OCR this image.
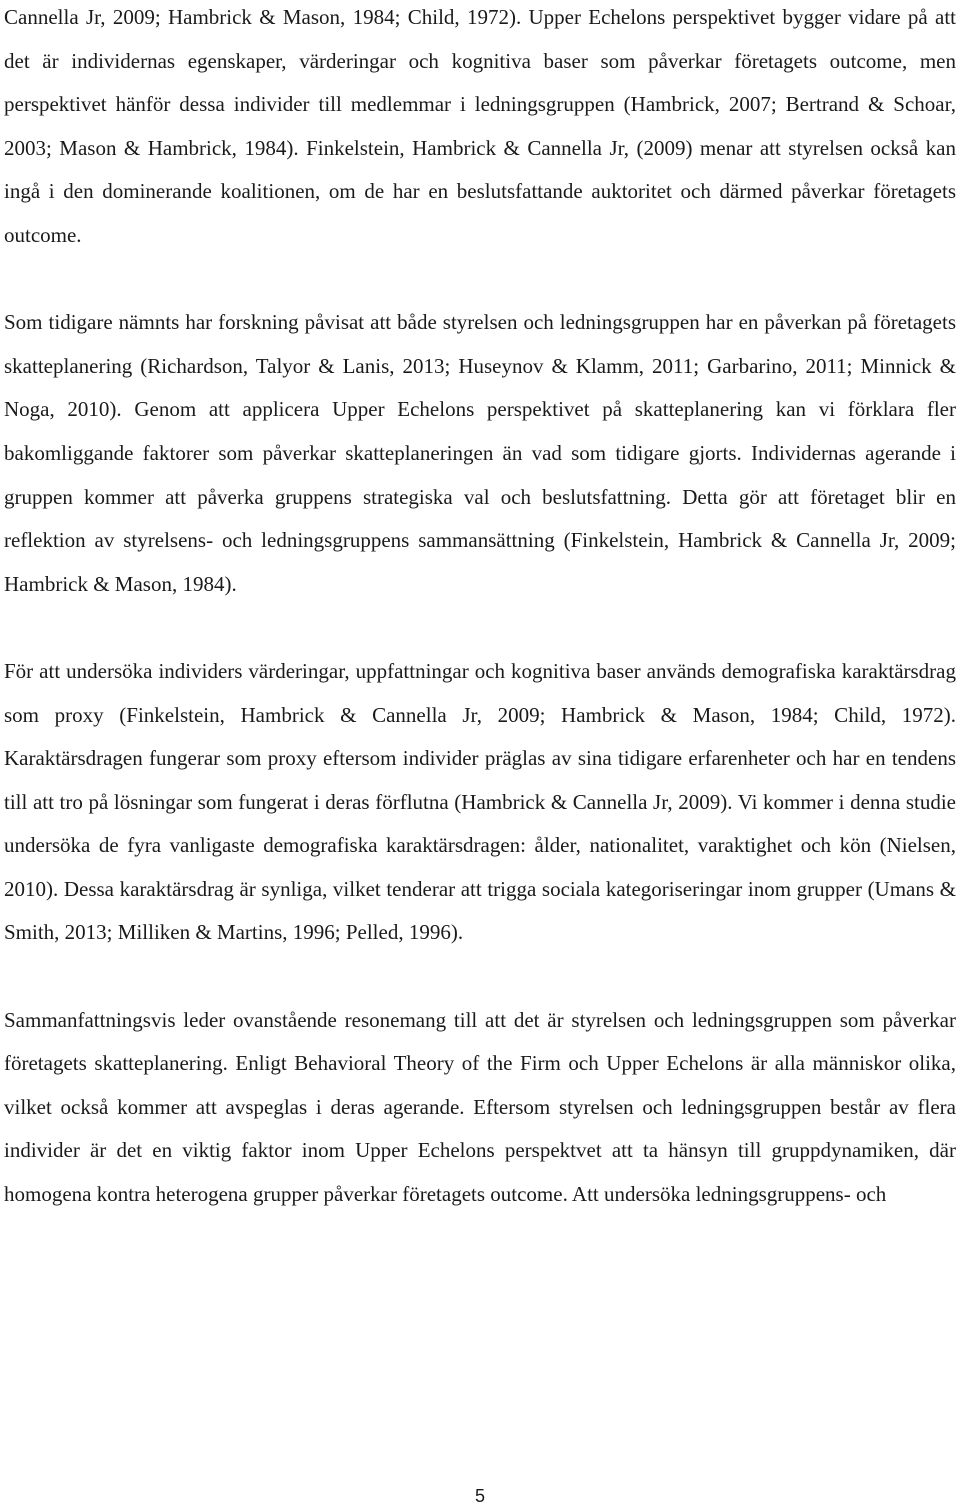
Cannella Jr, 2009; Hambrick & Mason, 1984; Child, 1972). Upper Echelons perspektivet bygger vidare på att det är individernas egenskaper, värderingar och kognitiva baser som påverkar företagets outcome, men perspektivet hänför dessa individer till medlemmar i ledningsgruppen (Hambrick, 2007; Bertrand & Schoar, 2003; Mason & Hambrick, 1984). Finkelstein, Hambrick & Cannella Jr, (2009) menar att styrelsen också kan ingå i den dominerande koalitionen, om de har en beslutsfattande auktoritet och därmed påverkar företagets outcome.

Som tidigare nämnts har forskning påvisat att både styrelsen och ledningsgruppen har en påverkan på företagets skatteplanering (Richardson, Talyor & Lanis, 2013; Huseynov & Klamm, 2011; Garbarino, 2011; Minnick & Noga, 2010). Genom att applicera Upper Echelons perspektivet på skatteplanering kan vi förklara fler bakomliggande faktorer som påverkar skatteplaneringen än vad som tidigare gjorts. Individernas agerande i gruppen kommer att påverka gruppens strategiska val och beslutsfattning. Detta gör att företaget blir en reflektion av styrelsens- och ledningsgruppens sammansättning (Finkelstein, Hambrick & Cannella Jr, 2009; Hambrick & Mason, 1984).

För att undersöka individers värderingar, uppfattningar och kognitiva baser används demografiska karaktärsdrag som proxy (Finkelstein, Hambrick & Cannella Jr, 2009; Hambrick & Mason, 1984; Child, 1972). Karaktärsdragen fungerar som proxy eftersom individer präglas av sina tidigare erfarenheter och har en tendens till att tro på lösningar som fungerat i deras förflutna (Hambrick & Cannella Jr, 2009). Vi kommer i denna studie undersöka de fyra vanligaste demografiska karaktärsdragen: ålder, nationalitet, varaktighet och kön (Nielsen, 2010). Dessa karaktärsdrag är synliga, vilket tenderar att trigga sociala kategoriseringar inom grupper (Umans & Smith, 2013; Milliken & Martins, 1996; Pelled, 1996).

Sammanfattningsvis leder ovanstående resonemang till att det är styrelsen och ledningsgruppen som påverkar företagets skatteplanering. Enligt Behavioral Theory of the Firm och Upper Echelons är alla människor olika, vilket också kommer att avspeglas i deras agerande. Eftersom styrelsen och ledningsgruppen består av flera individer är det en viktig faktor inom Upper Echelons perspektvet att ta hänsyn till gruppdynamiken, där homogena kontra heterogena grupper påverkar företagets outcome. Att undersöka ledningsgruppens- och

5
